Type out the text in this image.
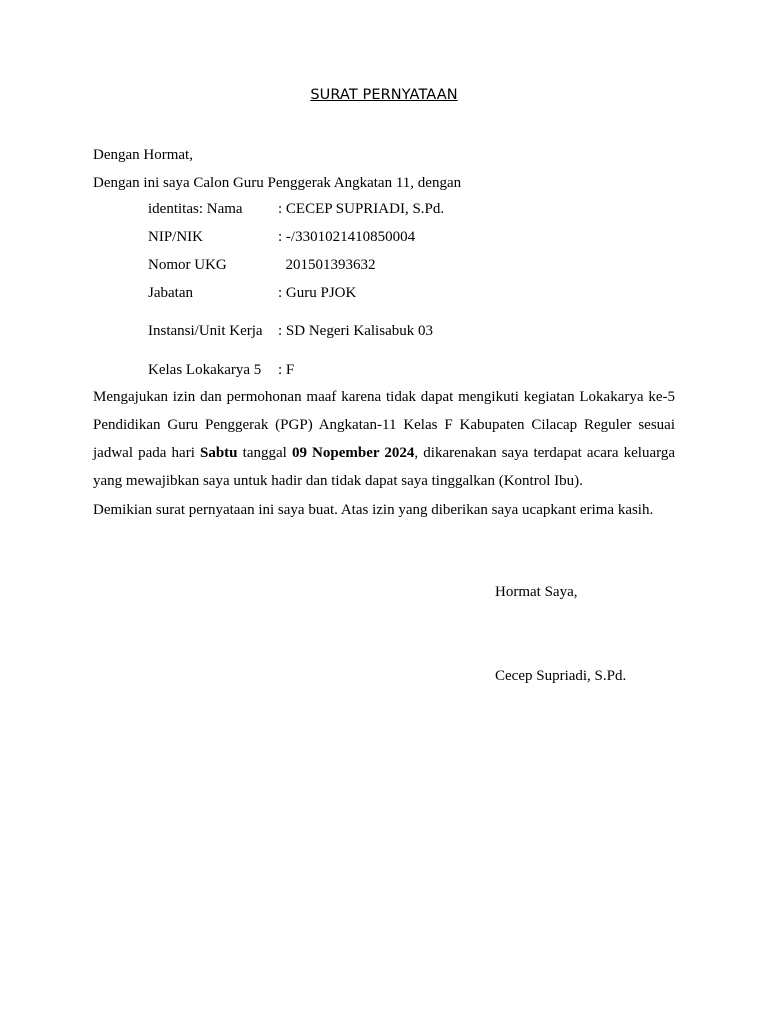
SURAT PERNYATAAN
Dengan Hormat,
Dengan ini saya Calon Guru Penggerak Angkatan 11, dengan
identitas: Nama : CECEP SUPRIADI, S.Pd.
NIP/NIK	: -/3301021410850004
Nomor UKG	201501393632
Jabatan	: Guru PJOK
Instansi/Unit Kerja : SD Negeri Kalisabuk 03
Kelas Lokakarya 5 : F
Mengajukan izin dan permohonan maaf karena tidak dapat mengikuti kegiatan Lokakarya ke-5 Pendidikan Guru Penggerak (PGP) Angkatan-11 Kelas F Kabupaten Cilacap Reguler sesuai jadwal pada hari Sabtu tanggal 09 Nopember 2024, dikarenakan saya terdapat acara keluarga yang mewajibkan saya untuk hadir dan tidak dapat saya tinggalkan (Kontrol Ibu).
Demikian surat pernyataan ini saya buat. Atas izin yang diberikan saya ucapkant erima kasih.
Hormat Saya,
Cecep Supriadi, S.Pd.
